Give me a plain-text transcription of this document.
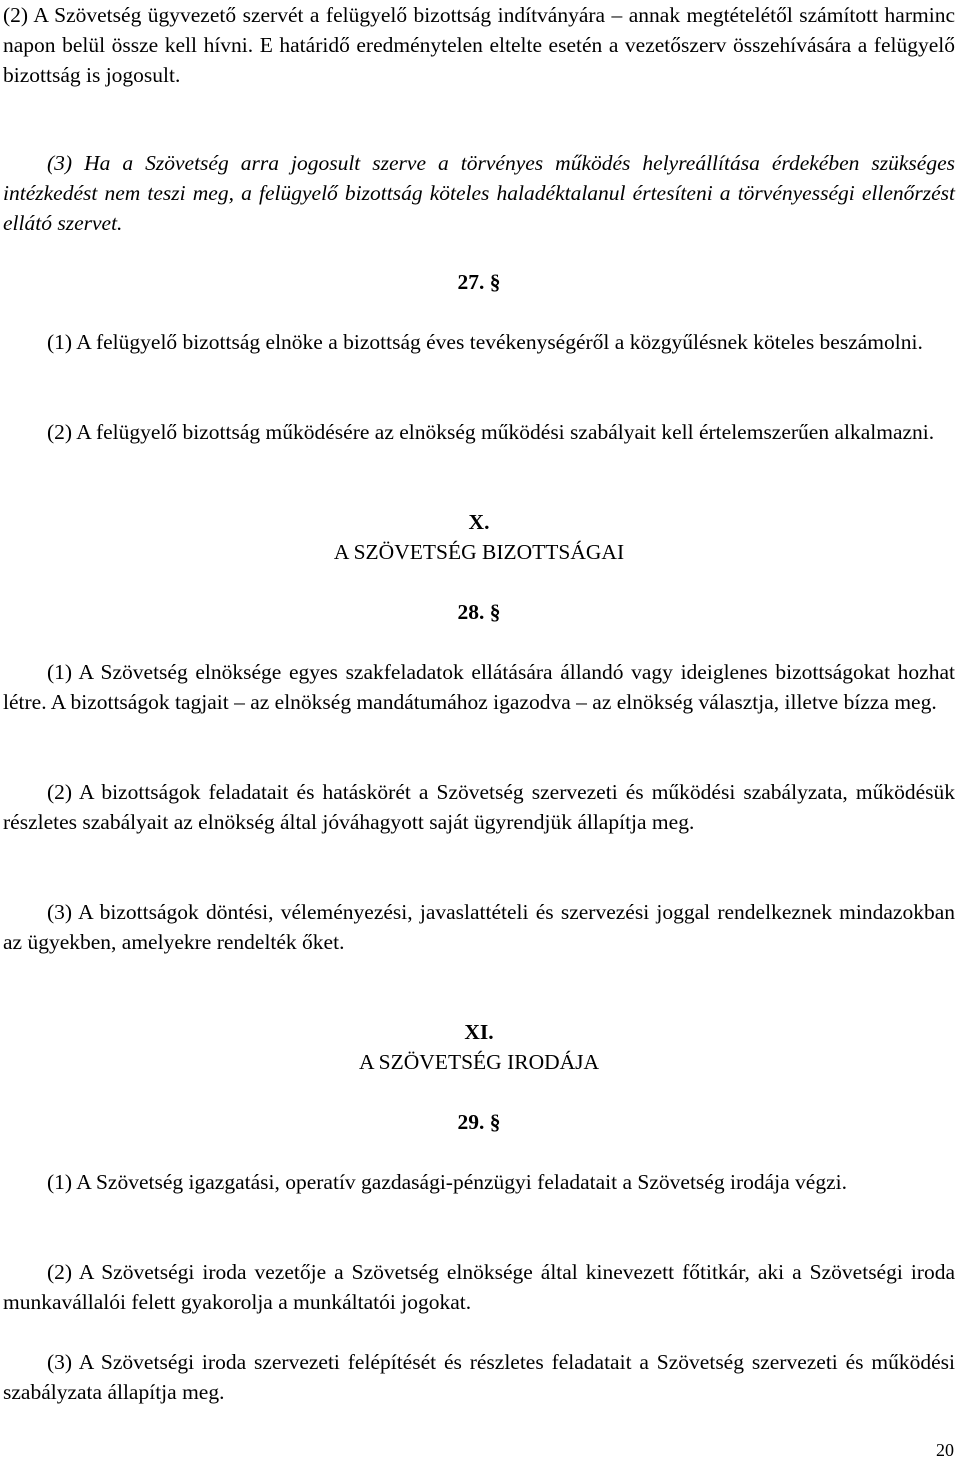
(2) A Szövetség ügyvezető szervét a felügyelő bizottság indítványára – annak megtételétől számított harminc napon belül össze kell hívni. E határidő eredménytelen eltelte esetén a vezetőszerv összehívására a felügyelő bizottság is jogosult.

(3) Ha a Szövetség arra jogosult szerve a törvényes működés helyreállítása érdekében szükséges intézkedést nem teszi meg, a felügyelő bizottság köteles haladéktalanul értesíteni a törvényességi ellenőrzést ellátó szervet.

27. §

(1) A felügyelő bizottság elnöke a bizottság éves tevékenységéről a közgyűlésnek köteles beszámolni.

(2) A felügyelő bizottság működésére az elnökség működési szabályait kell értelemszerűen alkalmazni.

X.

A SZÖVETSÉG BIZOTTSÁGAI

28. §

(1) A Szövetség elnöksége egyes szakfeladatok ellátására állandó vagy ideiglenes bizottságokat hozhat létre. A bizottságok tagjait – az elnökség mandátumához igazodva – az elnökség választja, illetve bízza meg.

(2) A bizottságok feladatait és hatáskörét a Szövetség szervezeti és működési szabályzata, működésük részletes szabályait az elnökség által jóváhagyott saját ügyrendjük állapítja meg.

(3) A bizottságok döntési, véleményezési, javaslattételi és szervezési joggal rendelkeznek mindazokban az ügyekben, amelyekre rendelték őket.

XI.

A SZÖVETSÉG IRODÁJA

29. §

(1) A Szövetség igazgatási, operatív gazdasági-pénzügyi feladatait a Szövetség irodája végzi.

(2) A Szövetségi iroda vezetője a Szövetség elnöksége által kinevezett főtitkár, aki a Szövetségi iroda munkavállalói felett gyakorolja a munkáltatói jogokat.

(3) A Szövetségi iroda szervezeti felépítését és részletes feladatait a Szövetség szervezeti és működési szabályzata állapítja meg.

20
